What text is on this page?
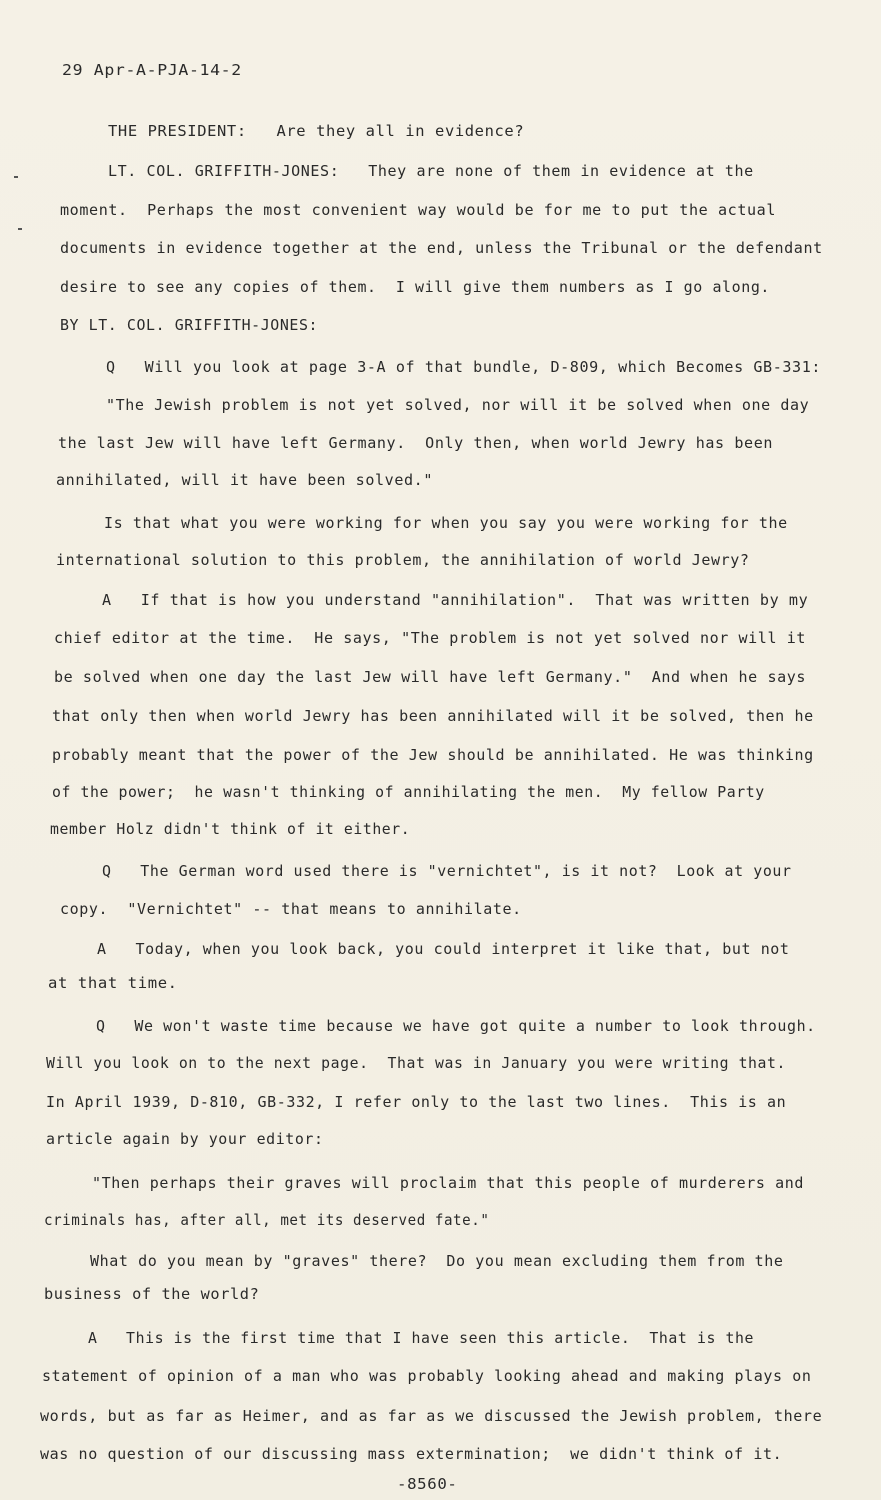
29 Apr-A-PJA-14-2
THE PRESIDENT:   Are they all in evidence?
LT. COL. GRIFFITH-JONES:   They are none of them in evidence at the
moment.  Perhaps the most convenient way would be for me to put the actual
documents in evidence together at the end, unless the Tribunal or the defendant
desire to see any copies of them.  I will give them numbers as I go along.
BY LT. COL. GRIFFITH-JONES:
Q   Will you look at page 3-A of that bundle, D-809, which Becomes GB-331:
"The Jewish problem is not yet solved, nor will it be solved when one day
the last Jew will have left Germany.  Only then, when world Jewry has been
annihilated, will it have been solved."
Is that what you were working for when you say you were working for the
international solution to this problem, the annihilation of world Jewry?
A   If that is how you understand "annihilation".  That was written by my
chief editor at the time.  He says, "The problem is not yet solved nor will it
be solved when one day the last Jew will have left Germany."  And when he says
that only then when world Jewry has been annihilated will it be solved, then he
probably meant that the power of the Jew should be annihilated. He was thinking
of the power;  he wasn't thinking of annihilating the men.  My fellow Party
member Holz didn't think of it either.
Q   The German word used there is "vernichtet", is it not?  Look at your
copy.  "Vernichtet" -- that means to annihilate.
A   Today, when you look back, you could interpret it like that, but not
at that time.
Q   We won't waste time because we have got quite a number to look through.
Will you look on to the next page.  That was in January you were writing that.
In April 1939, D-810, GB-332, I refer only to the last two lines.  This is an
article again by your editor:
"Then perhaps their graves will proclaim that this people of murderers and
criminals has, after all, met its deserved fate."
What do you mean by "graves" there?  Do you mean excluding them from the
business of the world?
A   This is the first time that I have seen this article.  That is the
statement of opinion of a man who was probably looking ahead and making plays on
words, but as far as Heimer, and as far as we discussed the Jewish problem, there
was no question of our discussing mass extermination;  we didn't think of it.
-8560-
